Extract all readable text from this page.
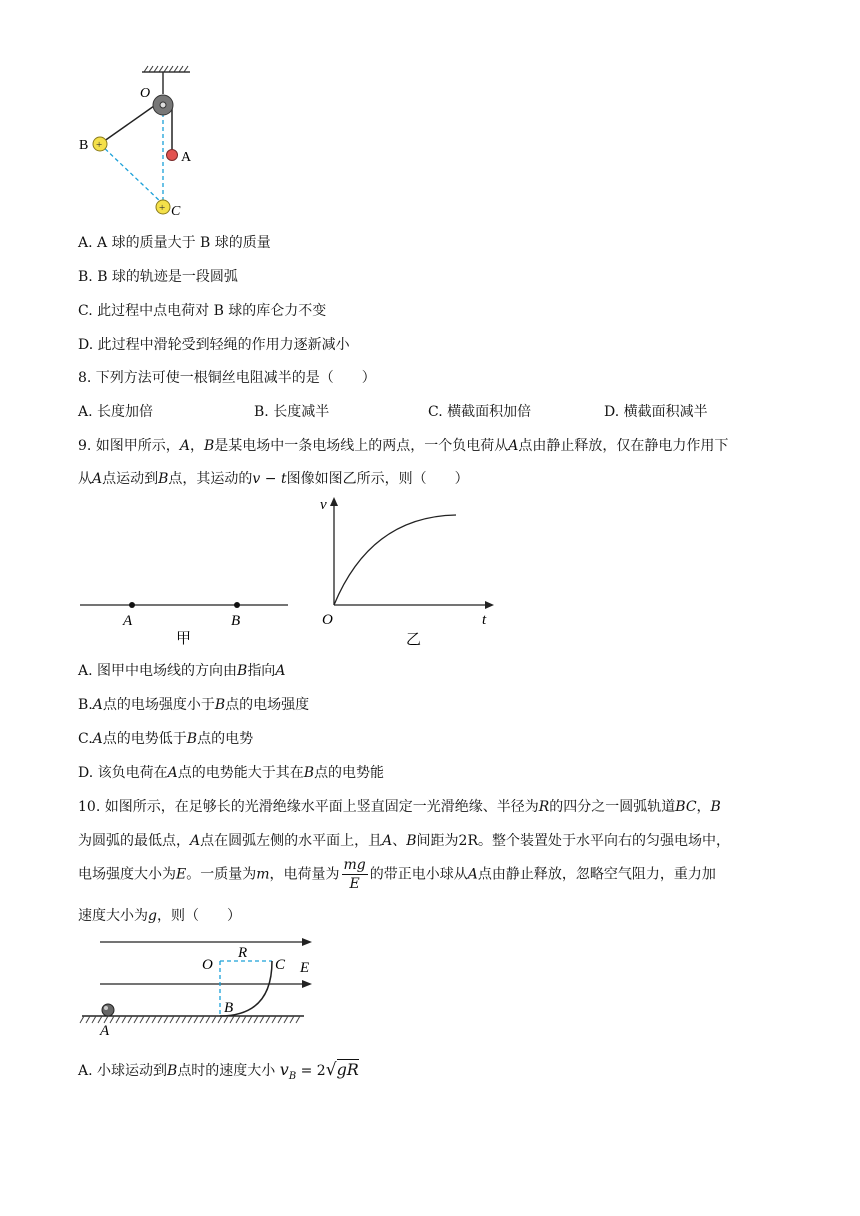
+
+
O
B
A
C
A. A 球的质量大于 B 球的质量
B. B 球的轨迹是一段圆弧
C. 此过程中点电荷对 B 球的库仑力不变
D. 此过程中滑轮受到轻绳的作用力逐新减小
8. 下列方法可使一根铜丝电阻减半的是（　　）
A. 长度加倍	B. 长度减半	C. 横截面积加倍	D. 横截面积减半
9. 如图甲所示，A，B是某电场中一条电场线上的两点，一个负电荷从A点由静止释放，仅在静电力作用下
从A点运动到B点，其运动的v − t图像如图乙所示，则（　　）
A	B
甲
v
t
O
乙
A. 图甲中电场线的方向由B指向A
B.A点的电场强度小于B点的电场强度
C.A点的电势低于B点的电势
D. 该负电荷在A点的电势能大于其在B点的电势能
10. 如图所示，在足够长的光滑绝缘水平面上竖直固定一光滑绝缘、半径为R的四分之一圆弧轨道BC，B
为圆弧的最低点，A点在圆弧左侧的水平面上，且A、B间距为2R。整个装置处于水平向右的匀强电场中，
电场强度大小为E。一质量为m，电荷量为 $\frac{mg}{E}$ 的带正电小球从A点由静止释放，忽略空气阻力，重力加
速度大小为g，则（　　）
R
O	C E
B
A
A. 小球运动到B点时的速度大小 $v_B = 2√gR$
